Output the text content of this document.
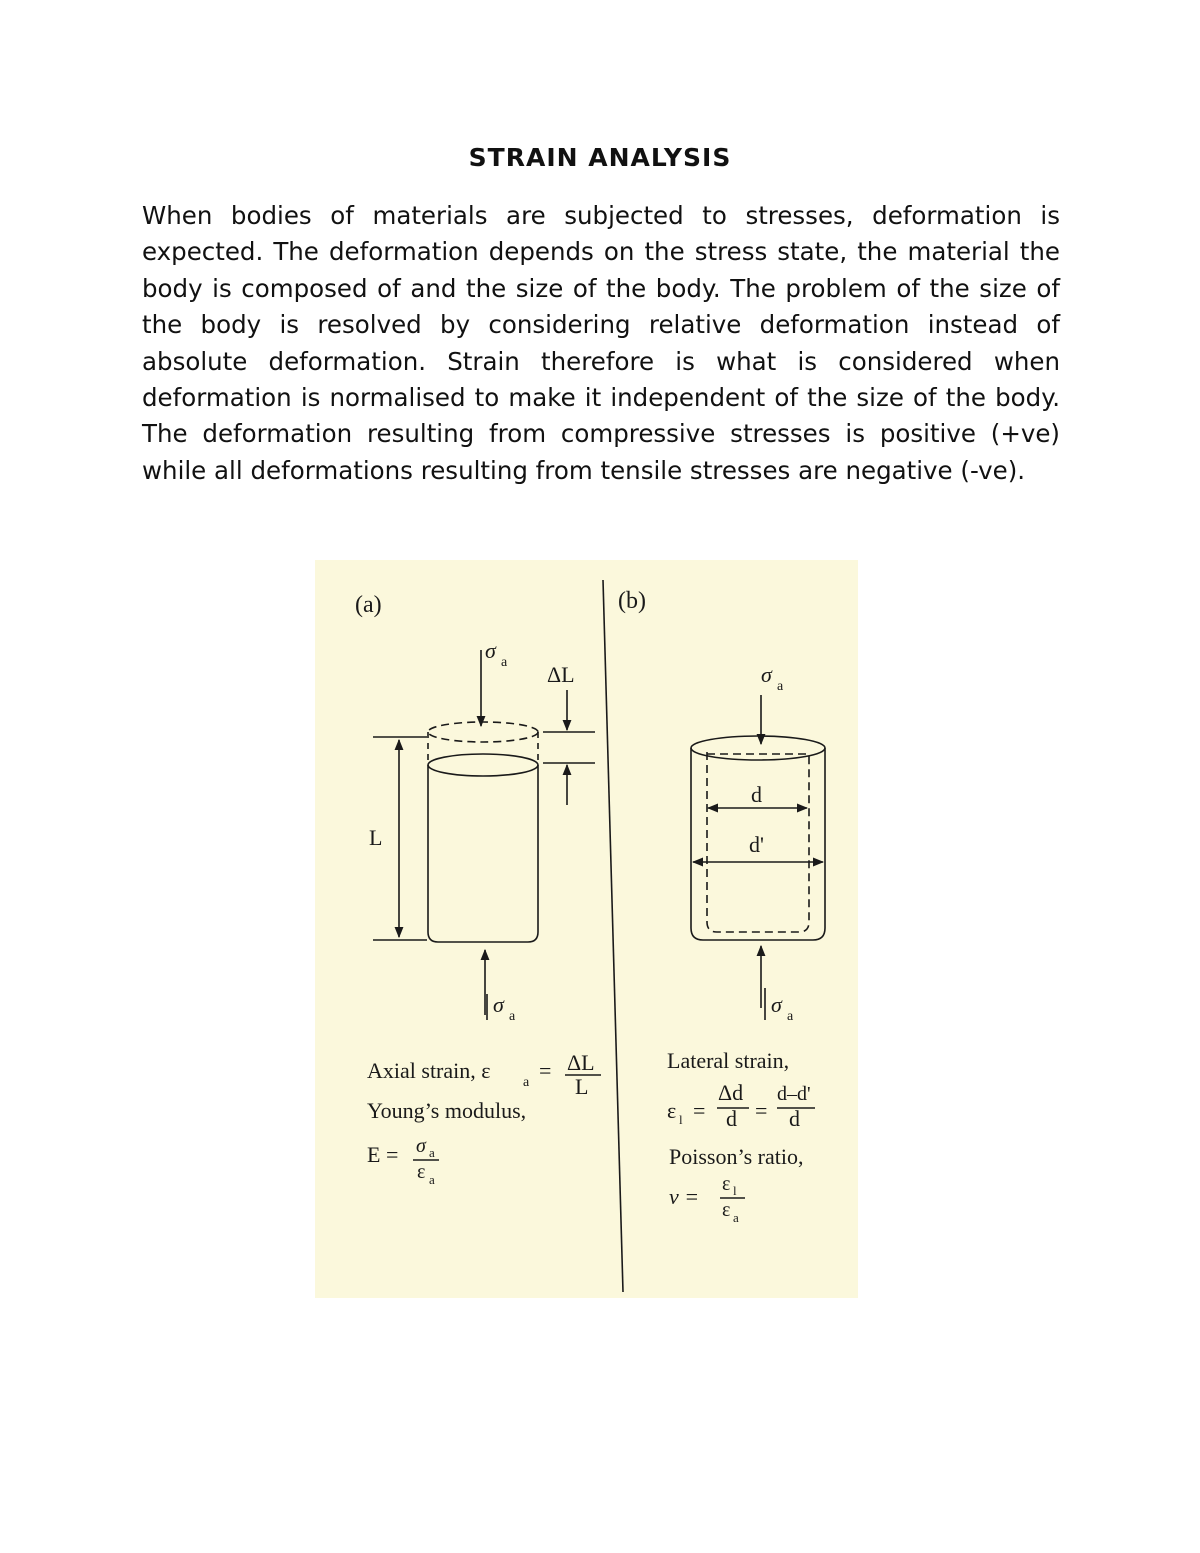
STRAIN ANALYSIS

When bodies of materials are subjected to stresses, deformation is expected. The deformation depends on the stress state, the material the body is composed of and the size of the body. The problem of the size of the body is resolved by considering relative deformation instead of absolute deformation. Strain therefore is what is considered when deformation is normalised to make it independent of the size of the body. The deformation resulting from compressive stresses is positive (+ve) while all deformations resulting from tensile stresses are negative (-ve).

(a)
σ a ΔL
L
σ a
Axial strain, ε a = ΔL
L
Young’s modulus,
E = σ a
ε a
(b)
σ a
d
d'
σ a
Lateral strain,
ε l =
Δd
d =
d–d'
d
Poisson’s ratio,
ν = ε l
ε a
